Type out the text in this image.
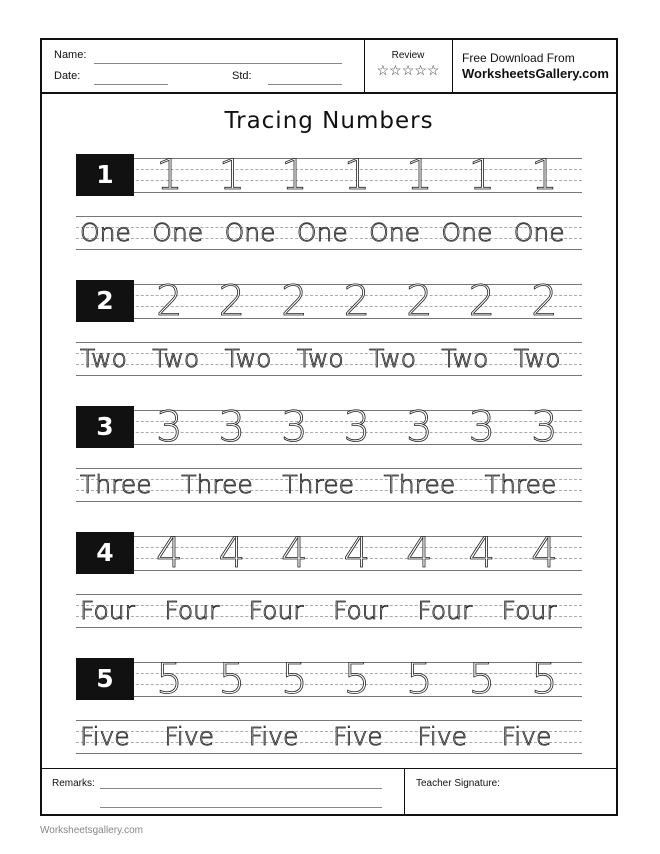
Name:
Date:	Std:
Review
☆☆☆☆☆
Free Download From
WorksheetsGallery.com
Tracing Numbers
1	1 1 1 1 1 1 1
One One One One One One One
2	2 2 2 2 2 2 2
Two Two Two Two Two Two Two
3	3 3 3 3 3 3 3
Three Three Three Three Three
4	4 4 4 4 4 4 4
Four Four Four Four Four Four
5	5 5 5 5 5 5 5
Five Five Five Five Five Five
Remarks:	Teacher Signature:
Worksheetsgallery.com
